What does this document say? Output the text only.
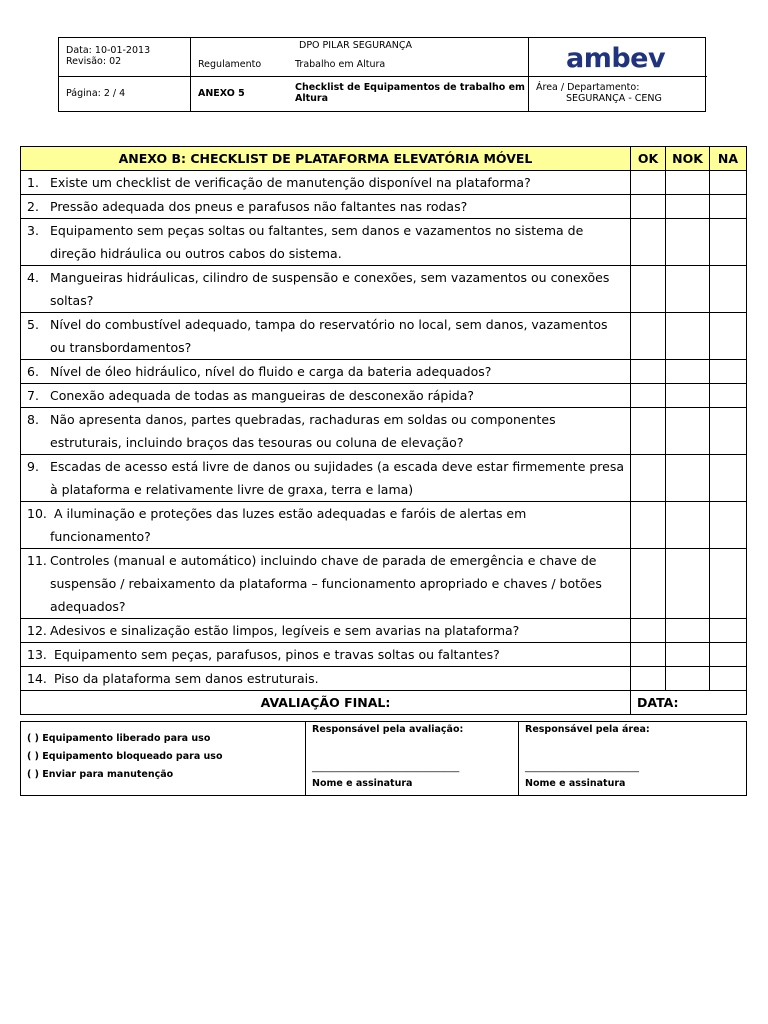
Data: 10-01-2013
Revisão: 02
DPO PILAR SEGURANÇA
Regulamento	Trabalho em Altura
Página: 2 / 4	ANEXO 5
Checklist de Equipamentos de trabalho em Altura
Área / Departamento:
SEGURANÇA - CENG
ambev
ANEXO B: CHECKLIST DE PLATAFORMA ELEVATÓRIA MÓVEL	OK	NOK	NA
1. Existe um checklist de verificação de manutenção disponível na plataforma?			
2. Pressão adequada dos pneus e parafusos não faltantes nas rodas?			
3. Equipamento sem peças soltas ou faltantes, sem danos e vazamentos no sistema de direção hidráulica ou outros cabos do sistema.			
4. Mangueiras hidráulicas, cilindro de suspensão e conexões, sem vazamentos ou conexões soltas?			
5. Nível do combustível adequado, tampa do reservatório no local, sem danos, vazamentos ou transbordamentos?			
6. Nível de óleo hidráulico, nível do fluido e carga da bateria adequados?			
7. Conexão adequada de todas as mangueiras de desconexão rápida?			
8. Não apresenta danos, partes quebradas, rachaduras em soldas ou componentes estruturais, incluindo braços das tesouras ou coluna de elevação?			
9. Escadas de acesso está livre de danos ou sujidades (a escada deve estar firmemente presa à plataforma e relativamente livre de graxa, terra e lama)			
10. A iluminação e proteções das luzes estão adequadas e faróis de alertas em funcionamento?			
11. Controles (manual e automático) incluindo chave de parada de emergência e chave de suspensão / rebaixamento da plataforma – funcionamento apropriado e chaves / botões adequados?			
12. Adesivos e sinalização estão limpos, legíveis e sem avarias na plataforma?			
13. Equipamento sem peças, parafusos, pinos e travas soltas ou faltantes?			
14. Piso da plataforma sem danos estruturais.			
AVALIAÇÃO FINAL:	DATA:		
( ) Equipamento liberado para uso
( ) Equipamento bloqueado para uso
( ) Enviar para manutenção

Responsável pela avaliação:
_______________________________
Nome e assinatura

Responsável pela área:
________________________
Nome e assinatura
